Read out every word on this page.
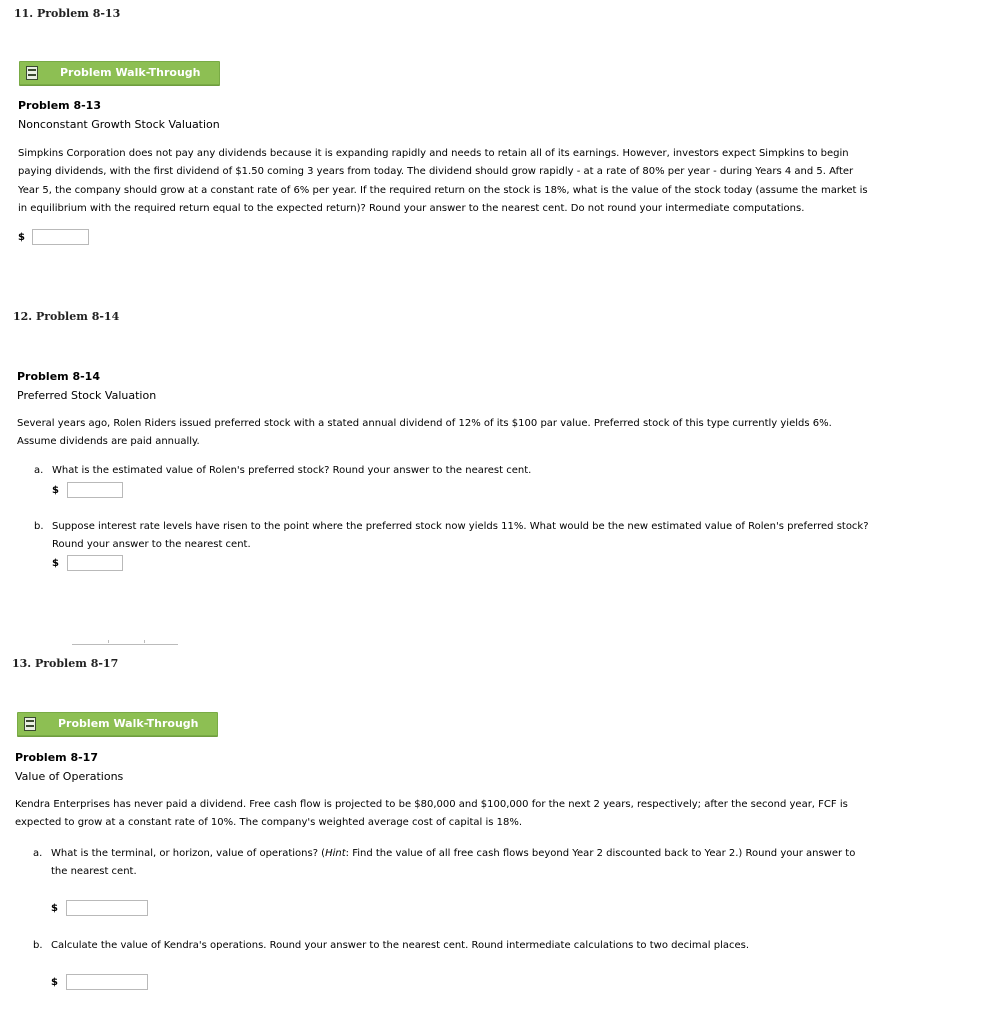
11. Problem 8-13
Problem Walk-Through
Problem 8-13
Nonconstant Growth Stock Valuation
Simpkins Corporation does not pay any dividends because it is expanding rapidly and needs to retain all of its earnings. However, investors expect Simpkins to begin
paying dividends, with the first dividend of $1.50 coming 3 years from today. The dividend should grow rapidly - at a rate of 80% per year - during Years 4 and 5. After
Year 5, the company should grow at a constant rate of 6% per year. If the required return on the stock is 18%, what is the value of the stock today (assume the market is
in equilibrium with the required return equal to the expected return)? Round your answer to the nearest cent. Do not round your intermediate computations.
$
12. Problem 8-14
Problem 8-14
Preferred Stock Valuation
Several years ago, Rolen Riders issued preferred stock with a stated annual dividend of 12% of its $100 par value. Preferred stock of this type currently yields 6%.
Assume dividends are paid annually.
a. What is the estimated value of Rolen's preferred stock? Round your answer to the nearest cent.
$
b. Suppose interest rate levels have risen to the point where the preferred stock now yields 11%. What would be the new estimated value of Rolen's preferred stock?
Round your answer to the nearest cent.
$
13. Problem 8-17
Problem Walk-Through
Problem 8-17
Value of Operations
Kendra Enterprises has never paid a dividend. Free cash flow is projected to be $80,000 and $100,000 for the next 2 years, respectively; after the second year, FCF is
expected to grow at a constant rate of 10%. The company's weighted average cost of capital is 18%.
a. What is the terminal, or horizon, value of operations? (Hint: Find the value of all free cash flows beyond Year 2 discounted back to Year 2.) Round your answer to
the nearest cent.
$
b. Calculate the value of Kendra's operations. Round your answer to the nearest cent. Round intermediate calculations to two decimal places.
$
